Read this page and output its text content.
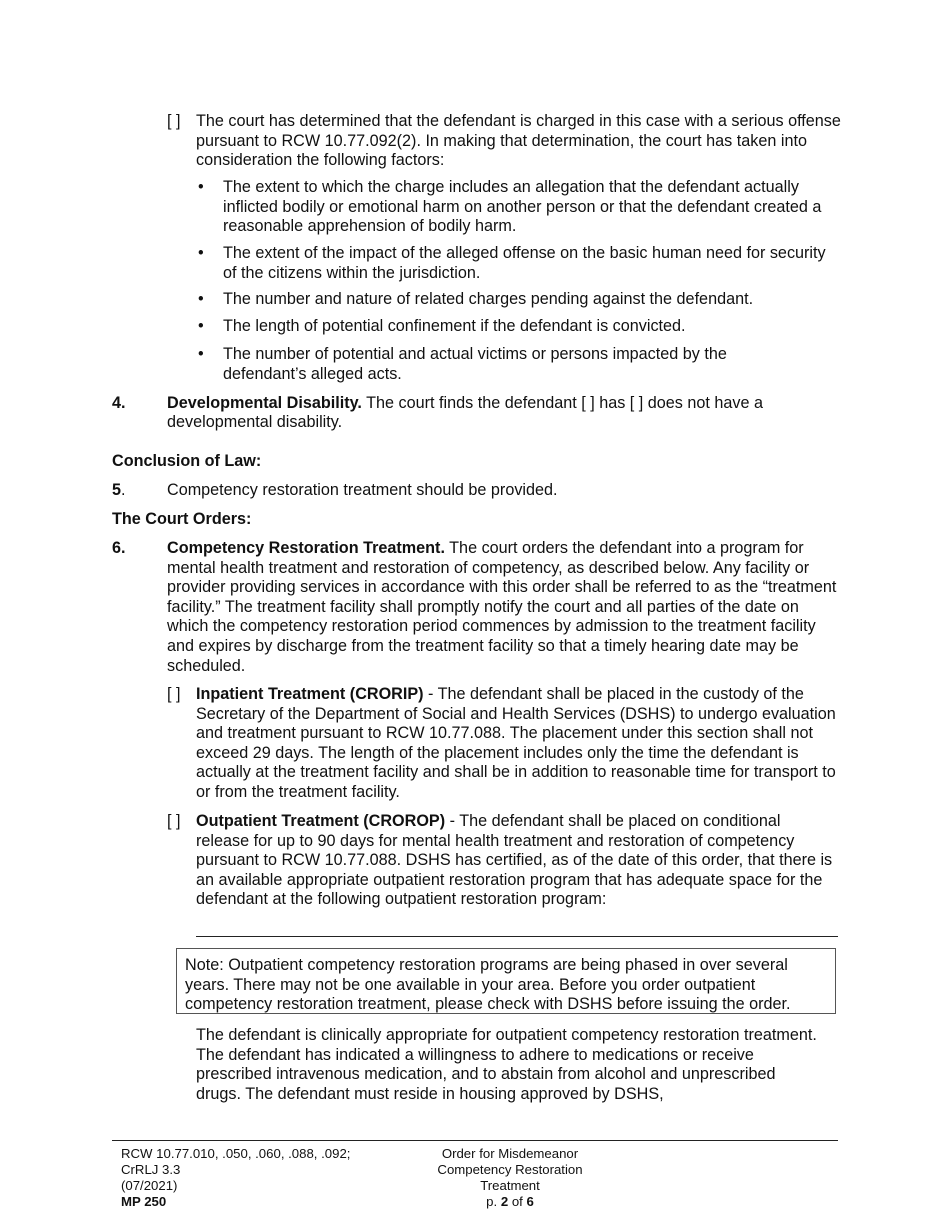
[ ] The court has determined that the defendant is charged in this case with a serious offense pursuant to RCW 10.77.092(2). In making that determination, the court has taken into consideration the following factors:

• The extent to which the charge includes an allegation that the defendant actually inflicted bodily or emotional harm on another person or that the defendant created a reasonable apprehension of bodily harm.

• The extent of the impact of the alleged offense on the basic human need for security of the citizens within the jurisdiction.

• The number and nature of related charges pending against the defendant.

• The length of potential confinement if the defendant is convicted.

• The number of potential and actual victims or persons impacted by the defendant’s alleged acts.

4.	Developmental Disability. The court finds the defendant [ ] has [ ] does not have a

developmental disability.

Conclusion of Law:

5.	Competency restoration treatment should be provided.

The Court Orders:
6.	Competency Restoration Treatment. The court orders the defendant into a program for mental health treatment and restoration of competency, as described below. Any facility or provider providing services in accordance with this order shall be referred to as the “treatment facility.” The treatment facility shall promptly notify the court and all parties of the date on which the competency restoration period commences by admission to the treatment facility and expires by discharge from the treatment facility so that a timely hearing date may be scheduled.

[ ] Inpatient Treatment (CRORIP) - The defendant shall be placed in the custody of the Secretary of the Department of Social and Health Services (DSHS) to undergo evaluation and treatment pursuant to RCW 10.77.088. The placement under this section shall not exceed 29 days. The length of the placement includes only the time the defendant is actually at the treatment facility and shall be in addition to reasonable time for transport to or from the treatment facility.

[ ] Outpatient Treatment (CROROP) - The defendant shall be placed on conditional release for up to 90 days for mental health treatment and restoration of competency pursuant to RCW 10.77.088. DSHS has certified, as of the date of this order, that there is an available appropriate outpatient restoration program that has adequate space for the defendant at the following outpatient restoration program:

Note: Outpatient competency restoration programs are being phased in over several years. There may not be one available in your area. Before you order outpatient competency restoration treatment, please check with DSHS before issuing the order.

The defendant is clinically appropriate for outpatient competency restoration treatment. The defendant has indicated a willingness to adhere to medications or receive prescribed intravenous medication, and to abstain from alcohol and unprescribed drugs. The defendant must reside in housing approved by DSHS,

RCW 10.77.010, .050, .060, .088, .092;
CrRLJ 3.3
(07/2021)
MP 250
Order for Misdemeanor
Competency Restoration
Treatment
p. 2 of 6
